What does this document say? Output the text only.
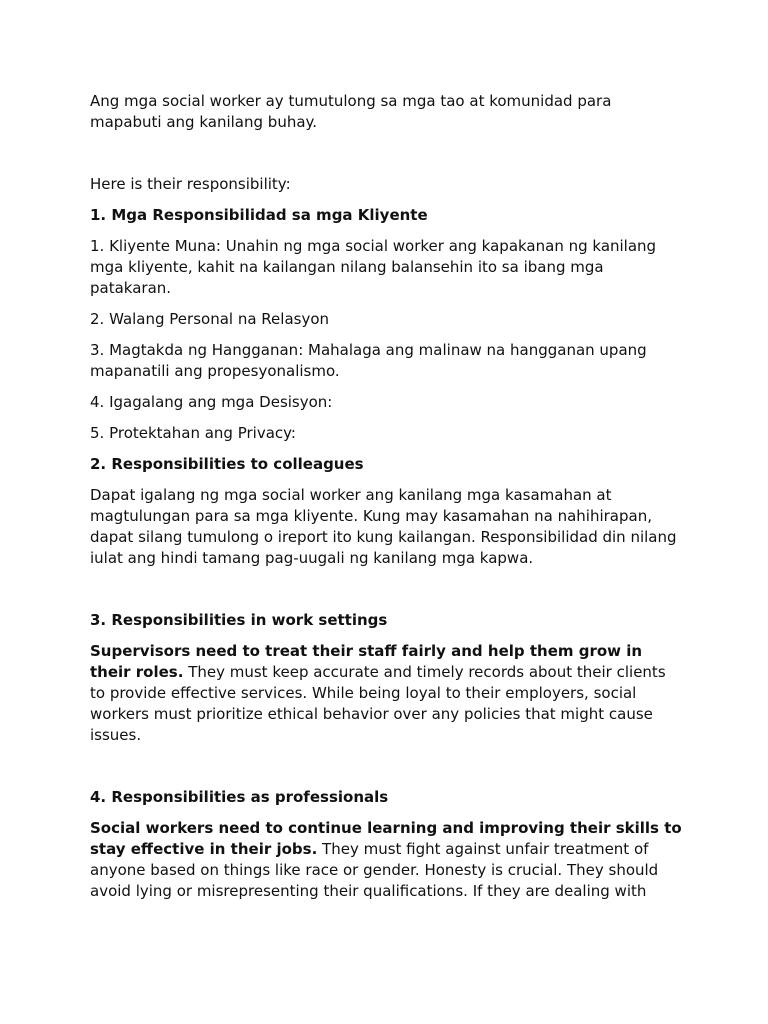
Ang mga social worker ay tumutulong sa mga tao at komunidad para mapabuti ang kanilang buhay.

Here is their responsibility:

1. Mga Responsibilidad sa mga Kliyente

1. Kliyente Muna: Unahin ng mga social worker ang kapakanan ng kanilang mga kliyente, kahit na kailangan nilang balansehin ito sa ibang mga patakaran.

2. Walang Personal na Relasyon

3. Magtakda ng Hangganan: Mahalaga ang malinaw na hangganan upang mapanatili ang propesyonalismo.

4. Igagalang ang mga Desisyon:

5. Protektahan ang Privacy:

2. Responsibilities to colleagues

Dapat igalang ng mga social worker ang kanilang mga kasamahan at magtulungan para sa mga kliyente. Kung may kasamahan na nahihirapan, dapat silang tumulong o ireport ito kung kailangan. Responsibilidad din nilang iulat ang hindi tamang pag-uugali ng kanilang mga kapwa.

3. Responsibilities in work settings

Supervisors need to treat their staff fairly and help them grow in their roles. They must keep accurate and timely records about their clients to provide effective services. While being loyal to their employers, social workers must prioritize ethical behavior over any policies that might cause issues.

4. Responsibilities as professionals

Social workers need to continue learning and improving their skills to stay effective in their jobs. They must fight against unfair treatment of anyone based on things like race or gender. Honesty is crucial. They should avoid lying or misrepresenting their qualifications. If they are dealing with
